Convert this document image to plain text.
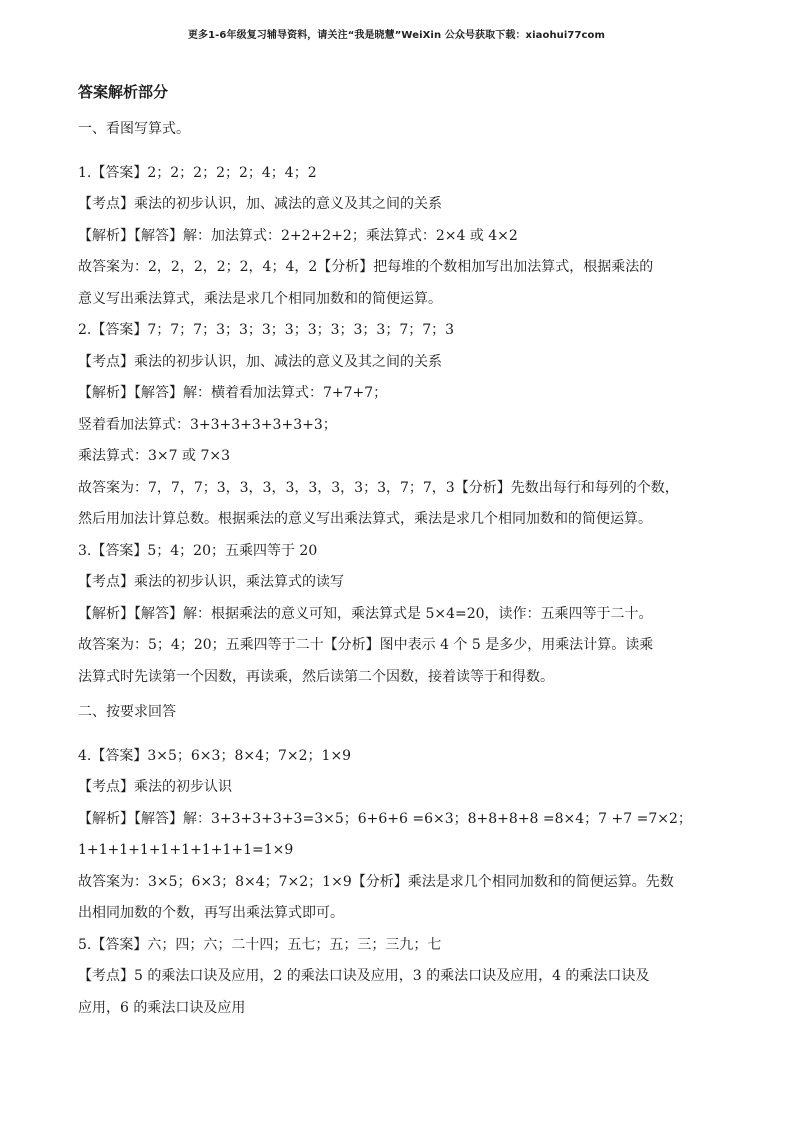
更多1-6年级复习辅导资料，请关注“我是晓慧”WeiXin 公众号获取下载：xiaohui77com
答案解析部分
一、看图写算式。
1.【答案】2；2；2；2；2；4；4；2
【考点】乘法的初步认识，加、减法的意义及其之间的关系
【解析】【解答】解：加法算式：2+2+2+2；乘法算式：2×4 或 4×2
故答案为：2，2，2，2；2，4；4，2【分析】把每堆的个数相加写出加法算式，根据乘法的
意义写出乘法算式，乘法是求几个相同加数和的简便运算。
2.【答案】7；7；7；3；3；3；3；3；3；3；3；7；7；3
【考点】乘法的初步认识，加、减法的意义及其之间的关系
【解析】【解答】解：横着看加法算式：7+7+7；
竖着看加法算式：3+3+3+3+3+3+3；
乘法算式：3×7 或 7×3
故答案为：7，7，7；3，3，3，3，3，3，3；3，7；7，3【分析】先数出每行和每列的个数，
然后用加法计算总数。根据乘法的意义写出乘法算式，乘法是求几个相同加数和的简便运算。
3.【答案】5；4；20；五乘四等于 20
【考点】乘法的初步认识，乘法算式的读写
【解析】【解答】解：根据乘法的意义可知，乘法算式是 5×4=20，读作：五乘四等于二十。
故答案为：5；4；20；五乘四等于二十【分析】图中表示 4 个 5 是多少，用乘法计算。读乘
法算式时先读第一个因数，再读乘，然后读第二个因数，接着读等于和得数。
二、按要求回答
4.【答案】3×5；6×3；8×4；7×2；1×9
【考点】乘法的初步认识
【解析】【解答】解：3+3+3+3+3=3×5；6+6+6 =6×3；8+8+8+8 =8×4；7 +7 =7×2；
1+1+1+1+1+1+1+1+1=1×9
故答案为：3×5；6×3；8×4；7×2；1×9【分析】乘法是求几个相同加数和的简便运算。先数
出相同加数的个数，再写出乘法算式即可。
5.【答案】六；四；六；二十四；五七；五；三；三九；七
【考点】5 的乘法口诀及应用，2 的乘法口诀及应用，3 的乘法口诀及应用，4 的乘法口诀及
应用，6 的乘法口诀及应用
